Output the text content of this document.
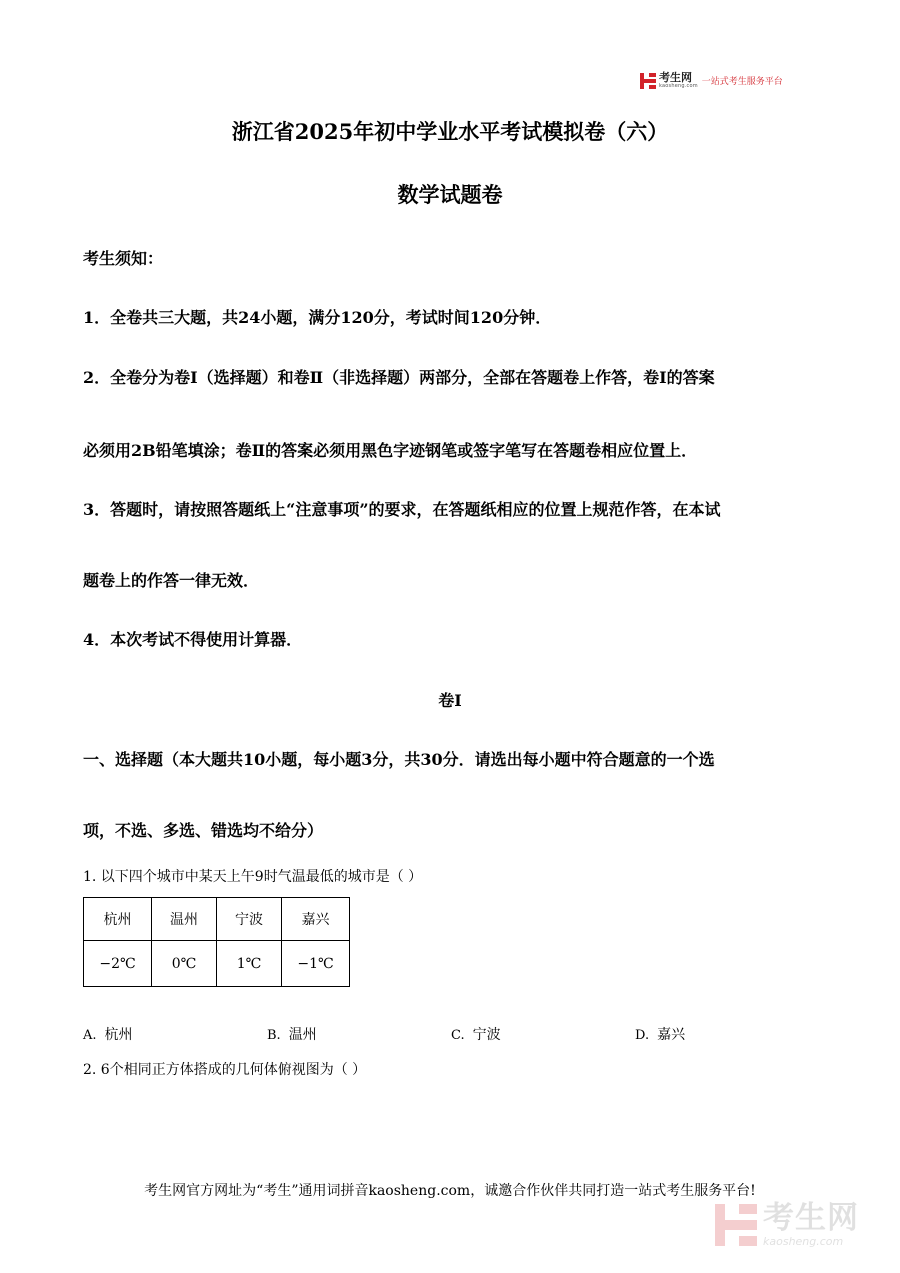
考生网
kaosheng.com 一站式考生服务平台
浙江省2025年初中学业水平考试模拟卷（六）
数学试题卷
考生须知：
1．全卷共三大题，共24小题，满分120分，考试时间120分钟．
2．全卷分为卷Ⅰ（选择题）和卷Ⅱ（非选择题）两部分，全部在答题卷上作答，卷Ⅰ的答案
必须用2B铅笔填涂；卷Ⅱ的答案必须用黑色字迹钢笔或签字笔写在答题卷相应位置上．
3．答题时，请按照答题纸上“注意事项”的要求，在答题纸相应的位置上规范作答，在本试
题卷上的作答一律无效．
4．本次考试不得使用计算器．
卷Ⅰ
一、选择题（本大题共10小题，每小题3分，共30分．请选出每小题中符合题意的一个选
项，不选、多选、错选均不给分）
1. 以下四个城市中某天上午9时气温最低的城市是（ ）
杭州	温州	宁波	嘉兴
−2℃	0℃	1℃	−1℃
A. 杭州	B. 温州	C. 宁波	D. 嘉兴
2. 6个相同正方体搭成的几何体俯视图为（ ）
考生网官方网址为“考生”通用词拼音kaosheng.com，诚邀合作伙伴共同打造一站式考生服务平台!
考生网
kaosheng.com
